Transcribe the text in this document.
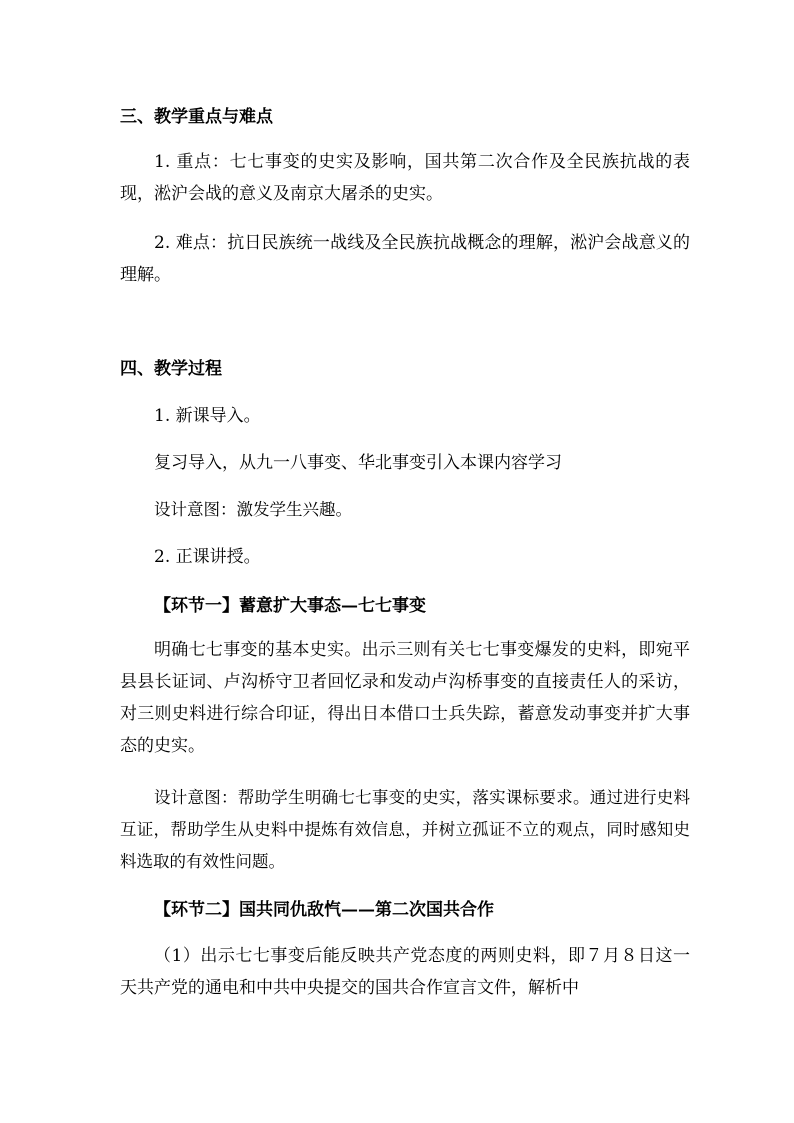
三、教学重点与难点
1. 重点：七七事变的史实及影响，国共第二次合作及全民族抗战的表现，淞沪会战的意义及南京大屠杀的史实。
2. 难点：抗日民族统一战线及全民族抗战概念的理解，淞沪会战意义的理解。
四、教学过程
1. 新课导入。
复习导入，从九一八事变、华北事变引入本课内容学习
设计意图：激发学生兴趣。
2. 正课讲授。
【环节一】蓄意扩大事态—七七事变
明确七七事变的基本史实。出示三则有关七七事变爆发的史料，即宛平县县长证词、卢沟桥守卫者回忆录和发动卢沟桥事变的直接责任人的采访，对三则史料进行综合印证，得出日本借口士兵失踪，蓄意发动事变并扩大事态的史实。
设计意图：帮助学生明确七七事变的史实，落实课标要求。通过进行史料互证，帮助学生从史料中提炼有效信息，并树立孤证不立的观点，同时感知史料选取的有效性问题。
【环节二】国共同仇敌忾——第二次国共合作
（1）出示七七事变后能反映共产党态度的两则史料，即７月８日这一天共产党的通电和中共中央提交的国共合作宣言文件，解析中
